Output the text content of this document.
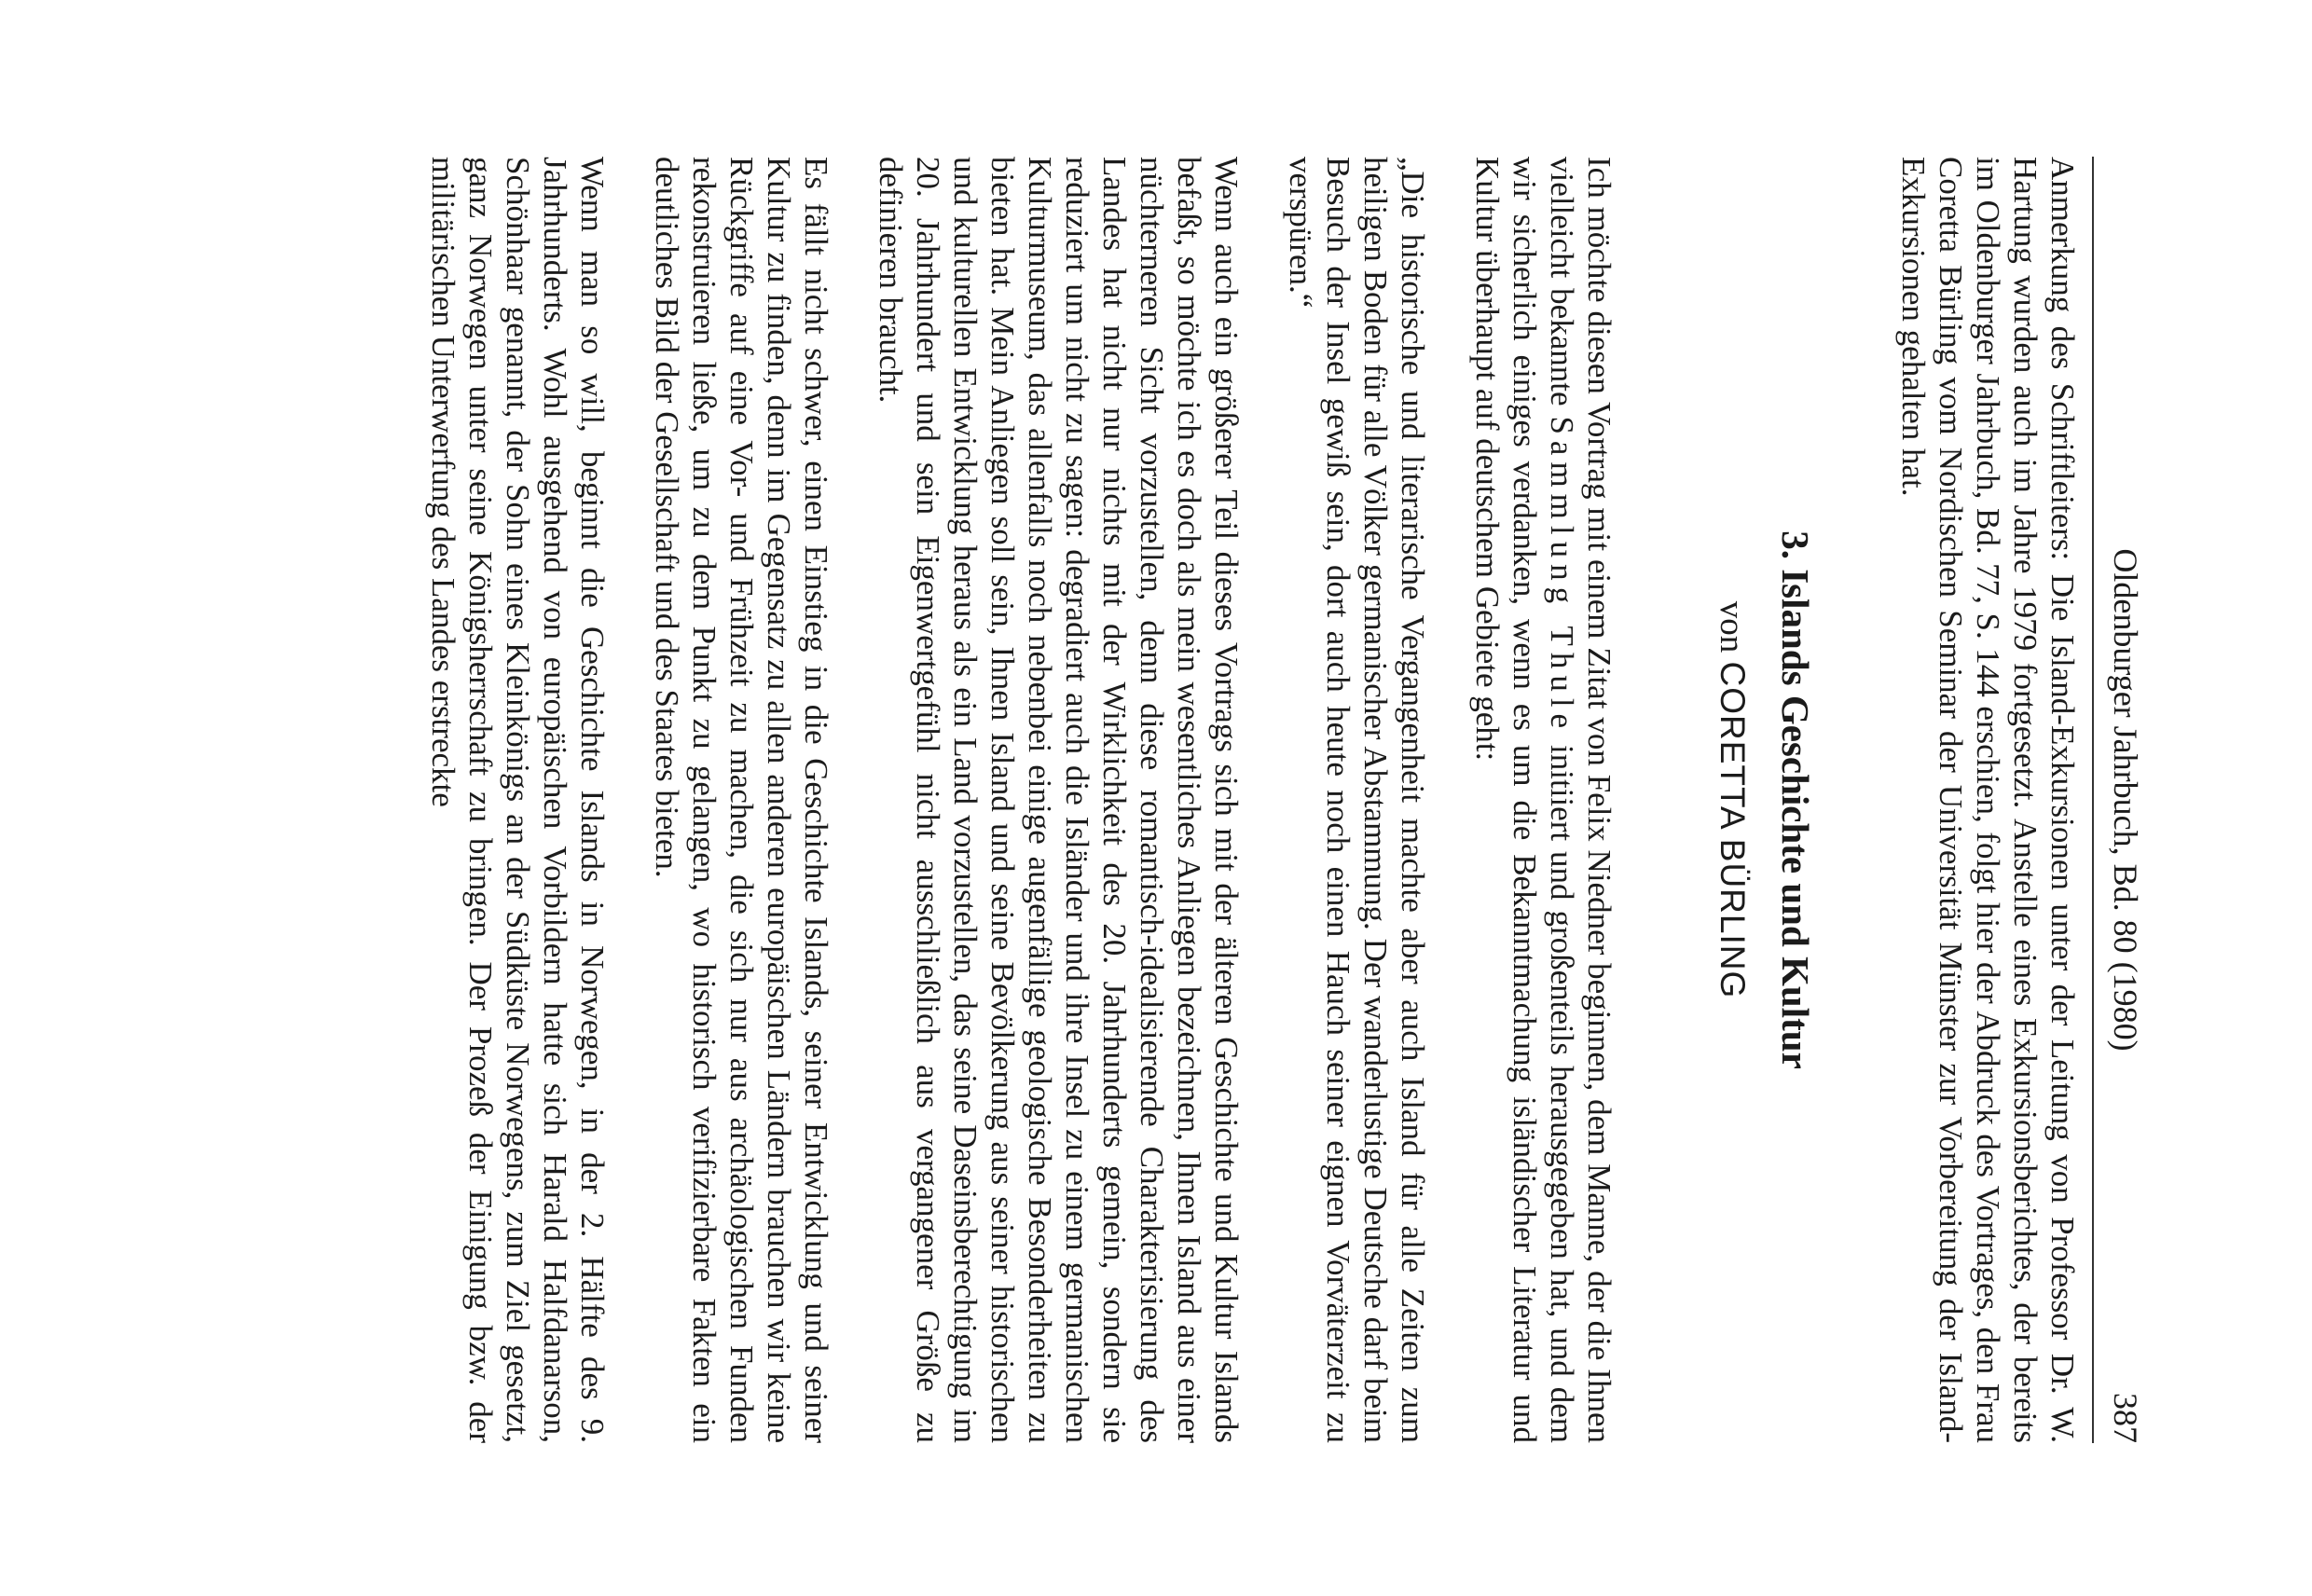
Oldenburger Jahrbuch, Bd. 80 (1980)
387

Anmerkung des Schriftleiters: Die Island-Exkursionen unter der Leitung von Professor Dr. W. Hartung wurden auch im Jahre 1979 fortgesetzt. Anstelle eines Exkursionsberichtes, der bereits im Oldenburger Jahrbuch, Bd. 77, S. 144 erschien, folgt hier der Abdruck des Vortrages, den Frau Coretta Bürling vom Nordischen Seminar der Universität Münster zur Vorbereitung der Island-Exkursionen gehalten hat.

3. Islands Geschichte und Kultur
von CORETTA BÜRLING

Ich möchte diesen Vortrag mit einem Zitat von Felix Niedner beginnen, dem Manne, der die Ihnen vielleicht bekannte Sammlung Thule initiiert und großenteils herausgegeben hat, und dem wir sicherlich einiges verdanken, wenn es um die Bekanntmachung isländischer Literatur und Kultur überhaupt auf deutschem Gebiete geht:

„Die historische und literarische Vergangenheit machte aber auch Island für alle Zeiten zum heiligen Boden für alle Völker germanischer Abstammung. Der wanderlustige Deutsche darf beim Besuch der Insel gewiß sein, dort auch heute noch einen Hauch seiner eignen Vorväterzeit zu verspüren.“

Wenn auch ein größerer Teil dieses Vortrags sich mit der älteren Geschichte und Kultur Islands befaßt, so möchte ich es doch als mein wesentliches Anliegen bezeichnen, Ihnen Island aus einer nüchterneren Sicht vorzustellen, denn diese romantisch-idealisierende Charakterisierung des Landes hat nicht nur nichts mit der Wirklichkeit des 20. Jahrhunderts gemein, sondern sie reduziert um nicht zu sagen: degradiert auch die Isländer und ihre Insel zu einem germanischen Kulturmuseum, das allenfalls noch nebenbei einige augenfällige geologische Besonderheiten zu bieten hat. Mein Anliegen soll sein, Ihnen Island und seine Bevölkerung aus seiner historischen und kulturellen Entwicklung heraus als ein Land vorzustellen, das seine Daseinsberechtigung im 20. Jahrhundert und sein Eigenwertgefühl nicht ausschließlich aus vergangener Größe zu definieren braucht.

Es fällt nicht schwer, einen Einstieg in die Geschichte Islands, seiner Entwicklung und seiner Kultur zu finden, denn im Gegensatz zu allen anderen europäischen Ländern brauchen wir keine Rückgriffe auf eine Vor- und Frühzeit zu machen, die sich nur aus archäologischen Funden rekonstruieren ließe, um zu dem Punkt zu gelangen, wo historisch verifizierbare Fakten ein deutliches Bild der Gesellschaft und des Staates bieten.

Wenn man so will, beginnt die Geschichte Islands in Norwegen, in der 2. Hälfte des 9. Jahrhunderts. Wohl ausgehend von europäischen Vorbildern hatte sich Harald Halfdanarson, Schönhaar genannt, der Sohn eines Kleinkönigs an der Südküste Norwegens, zum Ziel gesetzt, ganz Norwegen unter seine Königsherrschaft zu bringen. Der Prozeß der Einigung bzw. der militärischen Unterwerfung des Landes erstreckte
